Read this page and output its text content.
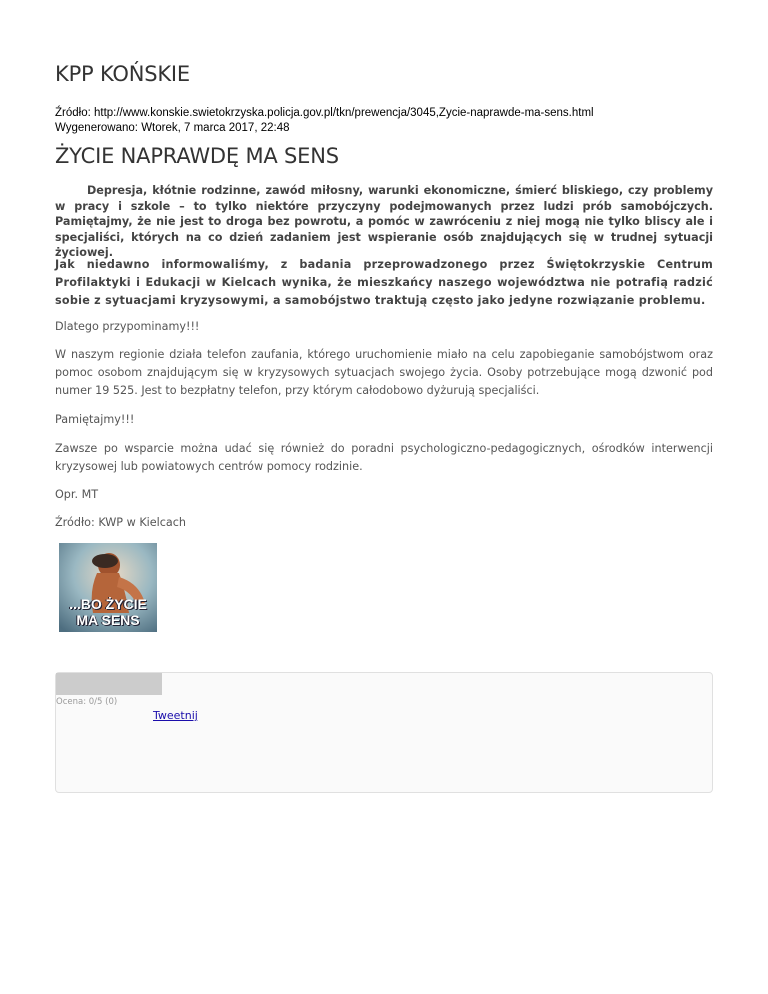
KPP KOŃSKIE
Źródło: http://www.konskie.swietokrzyska.policja.gov.pl/tkn/prewencja/3045,Zycie-naprawde-ma-sens.html
Wygenerowano: Wtorek, 7 marca 2017, 22:48
ŻYCIE NAPRAWDĘ MA SENS

Depresja, kłótnie rodzinne, zawód miłosny, warunki ekonomiczne, śmierć bliskiego, czy problemy w pracy i szkole – to tylko niektóre przyczyny podejmowanych przez ludzi prób samobójczych. Pamiętajmy, że nie jest to droga bez powrotu, a pomóc w zawróceniu z niej mogą nie tylko bliscy ale i specjaliści, których na co dzień zadaniem jest wspieranie osób znajdujących się w trudnej sytuacji życiowej.

Jak niedawno informowaliśmy, z badania przeprowadzonego przez Świętokrzyskie Centrum Profilaktyki i Edukacji w Kielcach wynika, że mieszkańcy naszego województwa nie potrafią radzić sobie z sytuacjami kryzysowymi, a samobójstwo traktują często jako jedyne rozwiązanie problemu.

Dlatego przypominamy!!!

W naszym regionie działa telefon zaufania, którego uruchomienie miało na celu zapobieganie samobójstwom oraz pomoc osobom znajdującym się w kryzysowych sytuacjach swojego życia. Osoby potrzebujące mogą dzwonić pod numer 19 525. Jest to bezpłatny telefon, przy którym całodobowo dyżurują specjaliści.

Pamiętajmy!!!

Zawsze po wsparcie można udać się również do poradni psychologiczno-pedagogicznych, ośrodków interwencji kryzysowej lub powiatowych centrów pomocy rodzinie.

Opr. MT

Źródło: KWP w Kielcach

...BO ŻYCIE
MA SENS
Ocena: 0/5 (0)
Tweetnij
